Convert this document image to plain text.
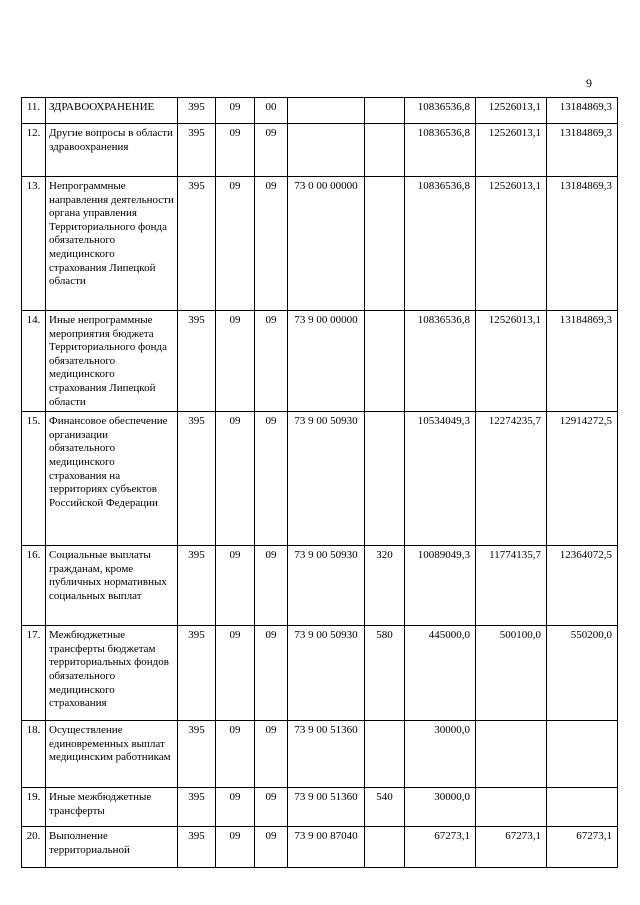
9
11.	ЗДРАВООХРАНЕНИЕ	395	09	00			10836536,8	12526013,1	13184869,3
12.	Другие вопросы в области здравоохранения	395	09	09			10836536,8	12526013,1	13184869,3
13.	Непрограммные направления деятельности органа управления Территориального фонда обязательного медицинского страхования Липецкой области	395	09	09	73 0 00 00000		10836536,8	12526013,1	13184869,3
14.	Иные непрограммные мероприятия бюджета Территориального фонда обязательного медицинского страхования Липецкой области	395	09	09	73 9 00 00000		10836536,8	12526013,1	13184869,3
15.	Финансовое обеспечение организации обязательного медицинского страхования на территориях субъектов Российской Федерации	395	09	09	73 9 00 50930		10534049,3	12274235,7	12914272,5
16.	Социальные выплаты гражданам, кроме публичных нормативных социальных выплат	395	09	09	73 9 00 50930	320	10089049,3	11774135,7	12364072,5
17.	Межбюджетные трансферты бюджетам территориальных фондов обязательного медицинского страхования	395	09	09	73 9 00 50930	580	445000,0	500100,0	550200,0
18.	Осуществление единовременных выплат медицинским работникам	395	09	09	73 9 00 51360		30000,0		
19.	Иные межбюджетные трансферты	395	09	09	73 9 00 51360	540	30000,0		
20.	Выполнение территориальной	395	09	09	73 9 00 87040		67273,1	67273,1	67273,1
